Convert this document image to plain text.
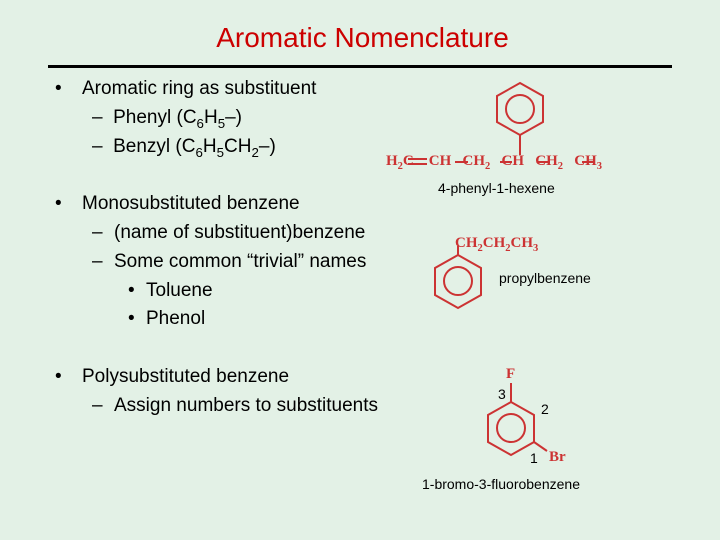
Aromatic Nomenclature
• Aromatic ring as substituent
–  Phenyl $(C_6H_5-)$
–  Benzyl $(C_6H_5CH_2-)$
• Monosubstituted benzene
– (name of substituent)benzene
– Some common “trivial” names
• Toluene
• Phenol
• Polysubstituted benzene
– Assign numbers to substituents
$H_2C$    CH   $CH_2$   CH   $CH_2$   $CH_3$
4-phenyl-1-hexene
$CH_2CH_2CH_3$
propylbenzene
F
3
2
1 Br
1-bromo-3-fluorobenzene
